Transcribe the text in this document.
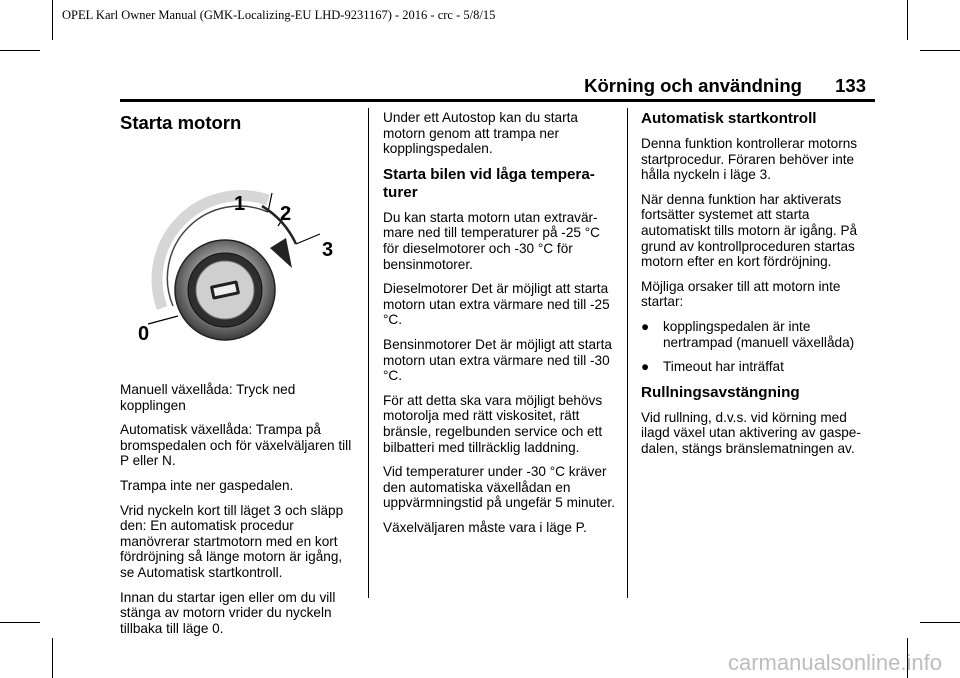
OPEL Karl Owner Manual (GMK-Localizing-EU LHD-9231167) - 2016 - crc - 5/8/15

Körning och användning 133
Starta motorn
1 2
3
0

Manuell växellåda: Tryck ned kopplingen

Automatisk växellåda: Trampa på bromspedalen och för växelväljaren till P eller N.

Trampa inte ner gaspedalen.

Vrid nyckeln kort till läget 3 och släpp den: En automatisk procedur manövrerar startmotorn med en kort fördröjning så länge motorn är igång, se Automatisk startkontroll.

Innan du startar igen eller om du vill stänga av motorn vrider du nyckeln tillbaka till läge 0.

Under ett Autostop kan du starta motorn genom att trampa ner kopplingspedalen.

Starta bilen vid låga tempera-turer

Du kan starta motorn utan extravär-mare ned till temperaturer på -25 °C för dieselmotorer och -30 °C för bensinmotorer.

Dieselmotorer Det är möjligt att starta motorn utan extra värmare ned till -25 °C.

Bensinmotorer Det är möjligt att starta motorn utan extra värmare ned till -30 °C.

För att detta ska vara möjligt behövs motorolja med rätt viskositet, rätt bränsle, regelbunden service och ett bilbatteri med tillräcklig laddning.

Vid temperaturer under -30 °C kräver den automatiska växellådan en uppvärmningstid på ungefär 5 minuter.

Växelväljaren måste vara i läge P.

Automatisk startkontroll

Denna funktion kontrollerar motorns startprocedur. Föraren behöver inte hålla nyckeln i läge 3.

När denna funktion har aktiverats fortsätter systemet att starta automatiskt tills motorn är igång. På grund av kontrollproceduren startas motorn efter en kort fördröjning.

Möjliga orsaker till att motorn inte startar:

● kopplingspedalen är inte nertrampad (manuell växellåda)
● Timeout har inträffat
Rullningsavstängning

Vid rullning, d.v.s. vid körning med ilagd växel utan aktivering av gaspe-dalen, stängs bränslematningen av.

carmanualsonline.info
